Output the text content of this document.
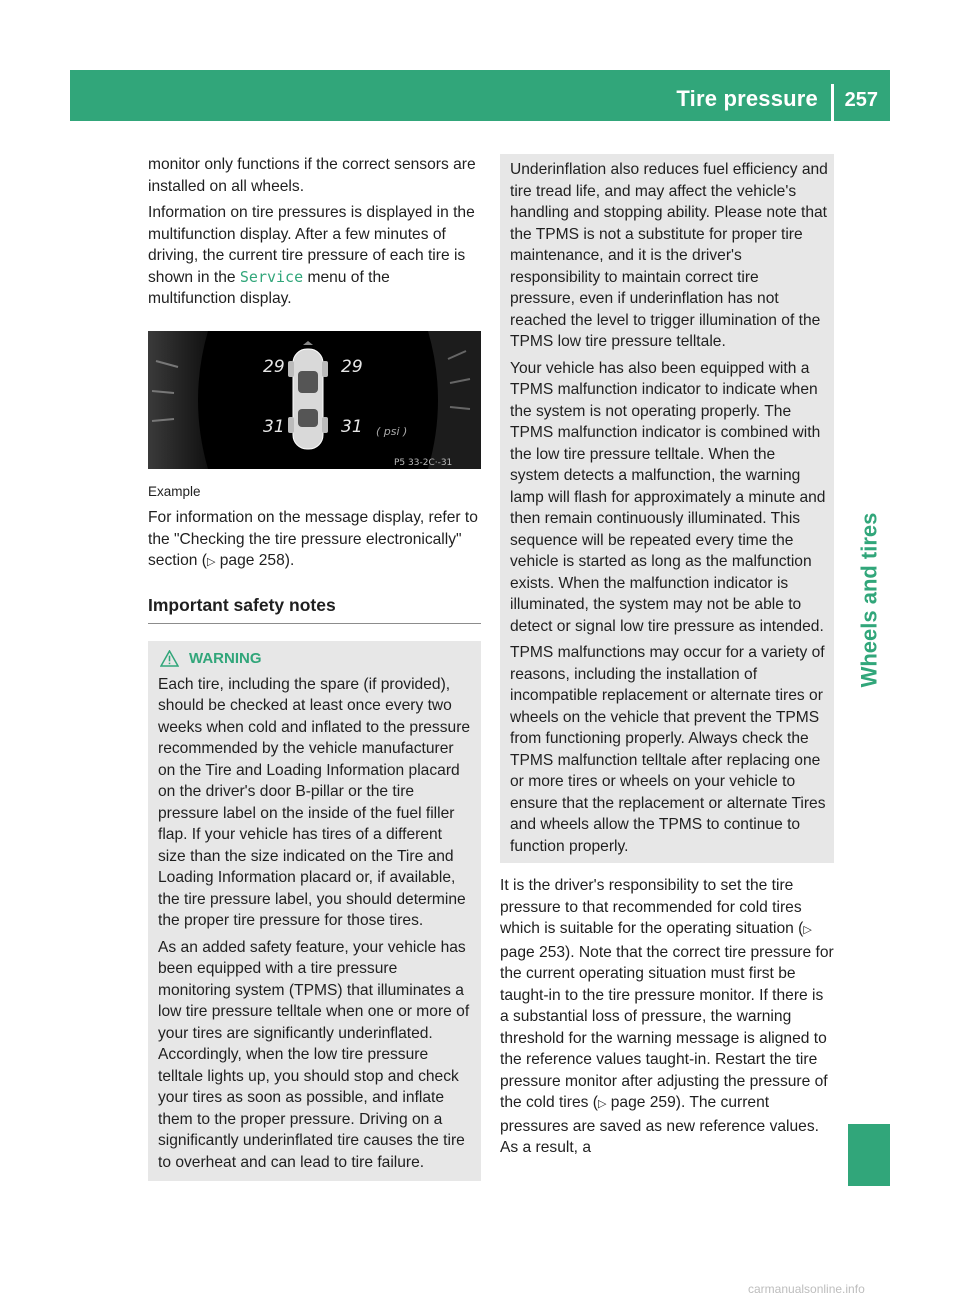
Tire pressure 257
Wheels and tires

monitor only functions if the correct sensors are installed on all wheels.

Information on tire pressures is displayed in the multifunction display. After a few minutes of driving, the current tire pressure of each tire is shown in the Service menu of the multifunction display.

29	29
31	31 ( psi )
P5 33-2C·-31
Example

For information on the message display, refer to the "Checking the tire pressure electronically" section (▷ page 258).

Important safety notes
WARNING

Each tire, including the spare (if provided), should be checked at least once every two weeks when cold and inflated to the pressure recommended by the vehicle manufacturer on the Tire and Loading Information placard on the driver's door B-pillar or the tire pressure label on the inside of the fuel filler flap. If your vehicle has tires of a different size than the size indicated on the Tire and Loading Information placard or, if available, the tire pressure label, you should determine the proper tire pressure for those tires.

As an added safety feature, your vehicle has been equipped with a tire pressure monitoring system (TPMS) that illuminates a low tire pressure telltale when one or more of your tires are significantly underinflated. Accordingly, when the low tire pressure telltale lights up, you should stop and check your tires as soon as possible, and inflate them to the proper pressure. Driving on a significantly underinflated tire causes the tire to overheat and can lead to tire failure.

Underinflation also reduces fuel efficiency and tire tread life, and may affect the vehicle's handling and stopping ability. Please note that the TPMS is not a substitute for proper tire maintenance, and it is the driver's responsibility to maintain correct tire pressure, even if underinflation has not reached the level to trigger illumination of the TPMS low tire pressure telltale.

Your vehicle has also been equipped with a TPMS malfunction indicator to indicate when the system is not operating properly. The TPMS malfunction indicator is combined with the low tire pressure telltale. When the system detects a malfunction, the warning lamp will flash for approximately a minute and then remain continuously illuminated. This sequence will be repeated every time the vehicle is started as long as the malfunction exists. When the malfunction indicator is illuminated, the system may not be able to detect or signal low tire pressure as intended.

TPMS malfunctions may occur for a variety of reasons, including the installation of incompatible replacement or alternate tires or wheels on the vehicle that prevent the TPMS from functioning properly. Always check the TPMS malfunction telltale after replacing one or more tires or wheels on your vehicle to ensure that the replacement or alternate Tires and wheels allow the TPMS to continue to function properly.

It is the driver's responsibility to set the tire pressure to that recommended for cold tires which is suitable for the operating situation (▷ page 253). Note that the correct tire pressure for the current operating situation must first be taught-in to the tire pressure monitor. If there is a substantial loss of pressure, the warning threshold for the warning message is aligned to the reference values taught-in. Restart the tire pressure monitor after adjusting the pressure of the cold tires (▷ page 259). The current pressures are saved as new reference values. As a result, a

carmanualsonline.info
